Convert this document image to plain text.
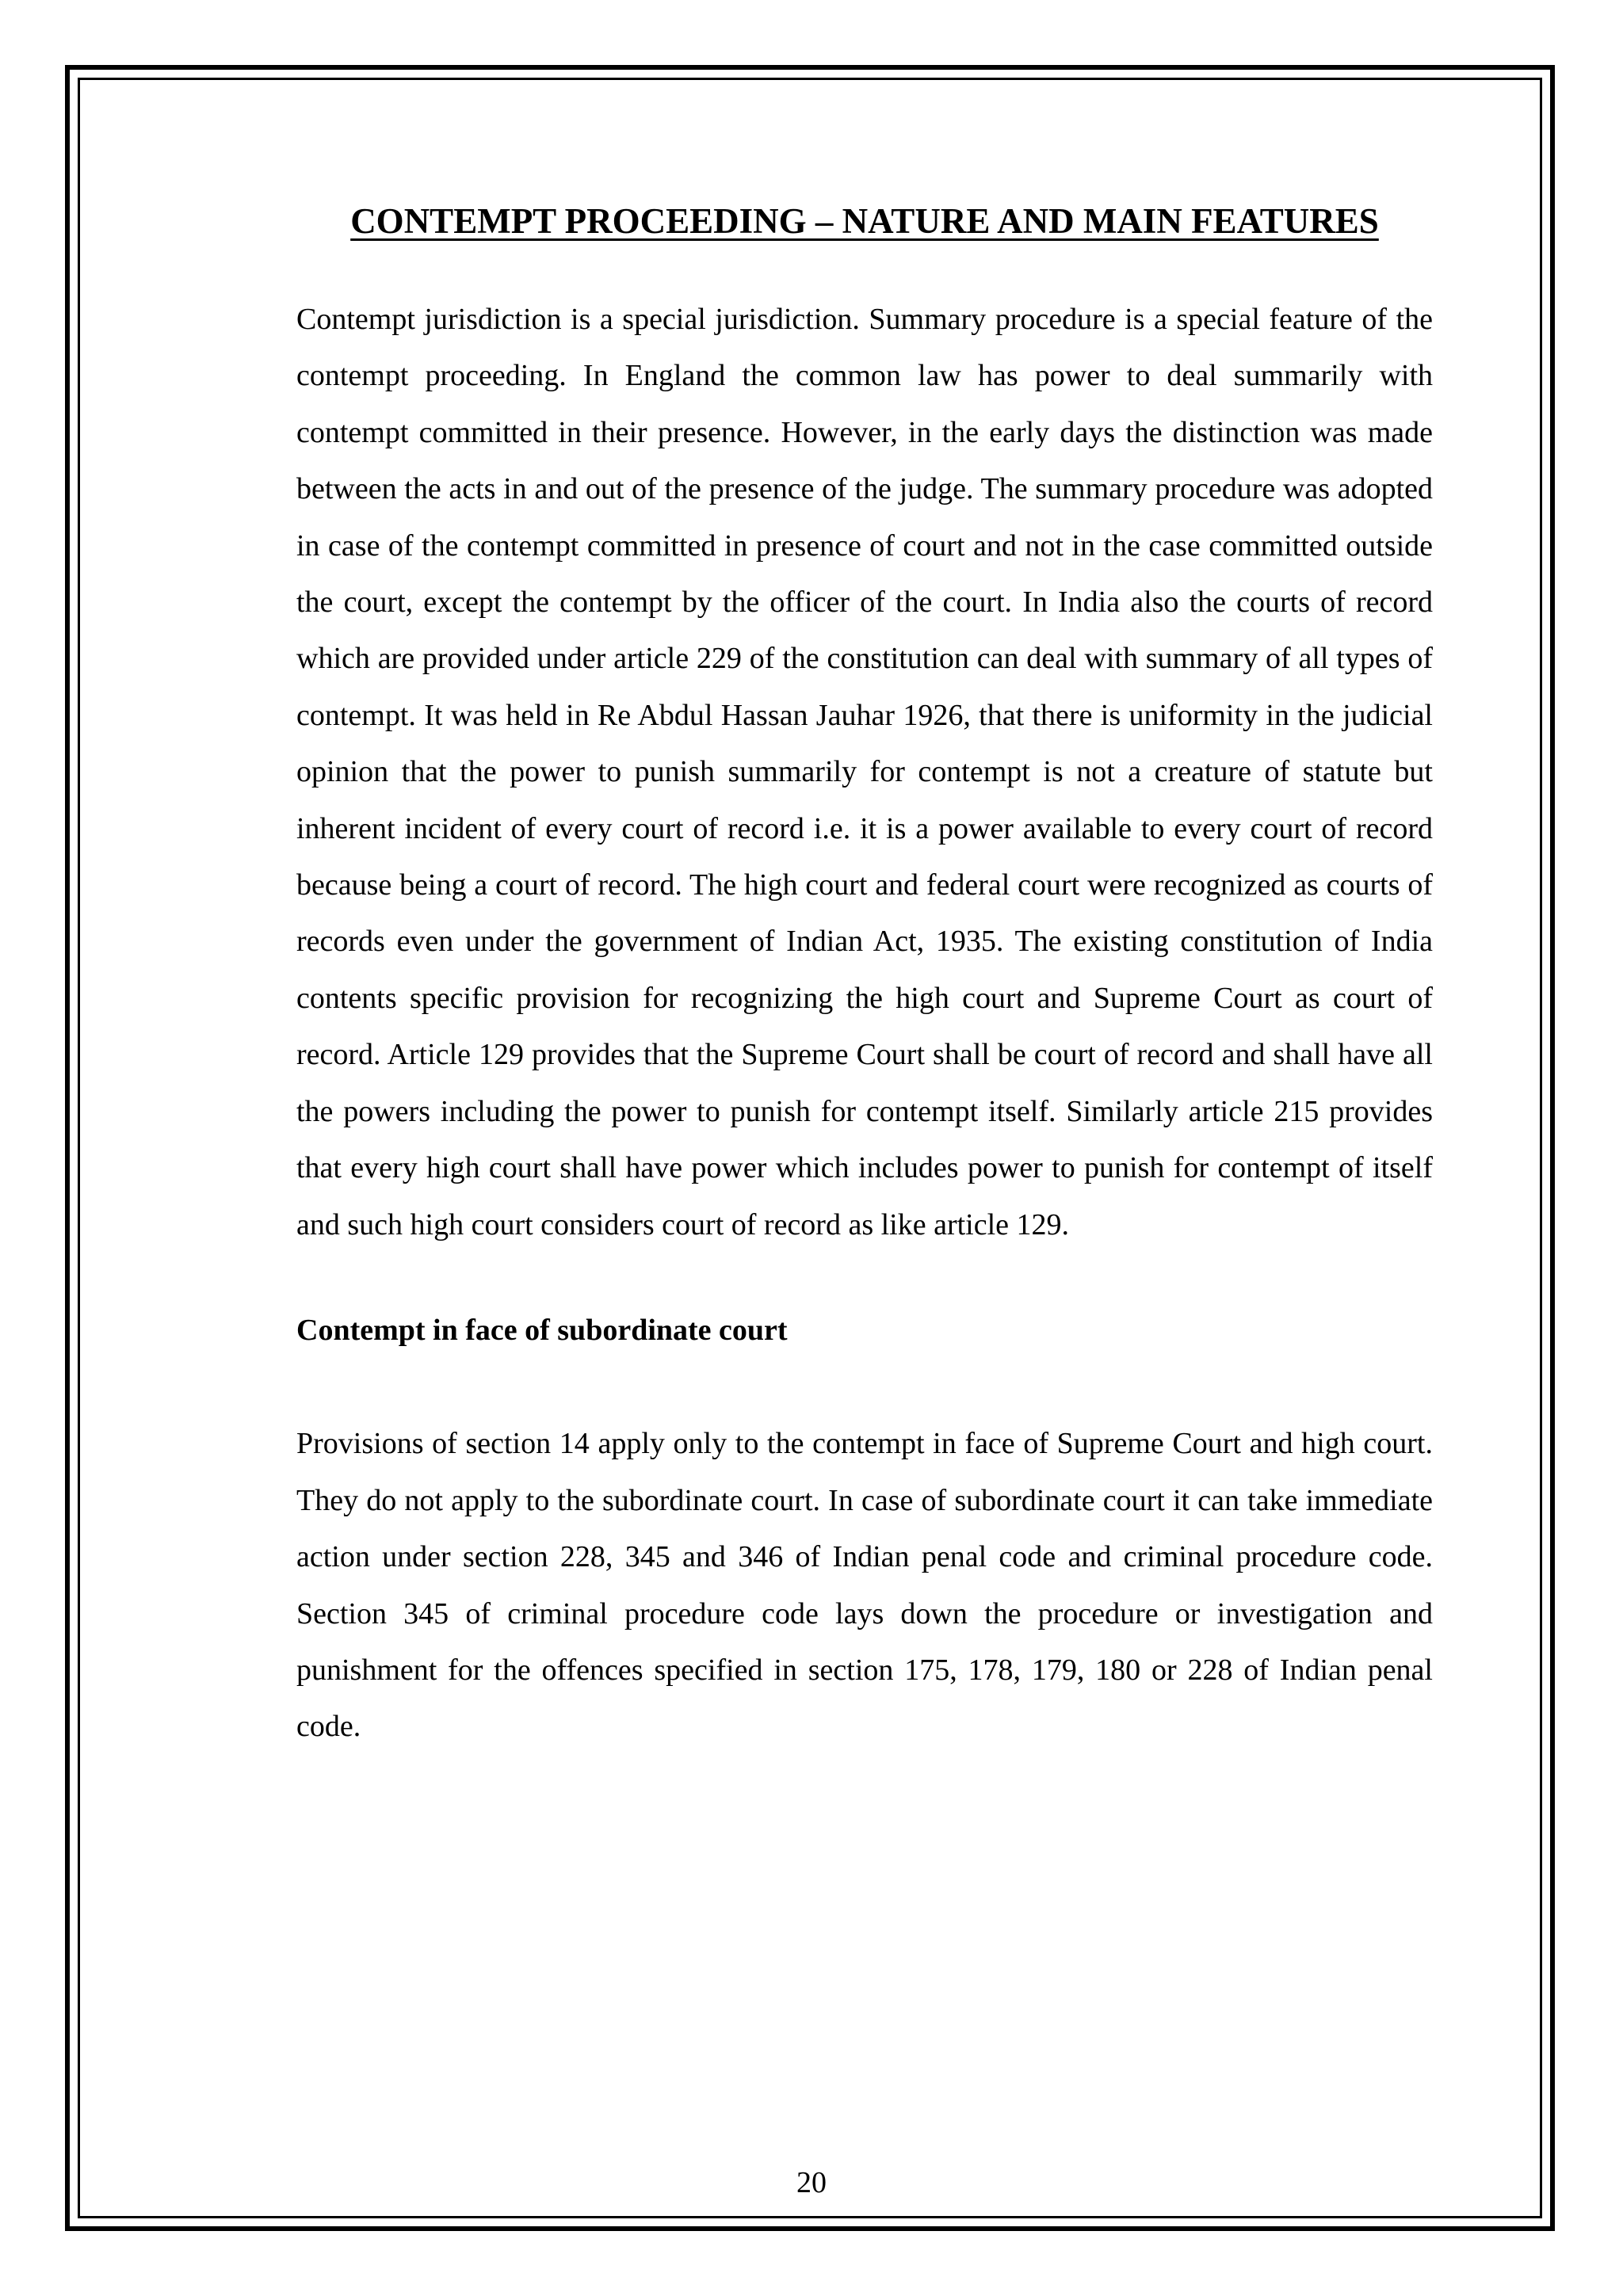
CONTEMPT PROCEEDING – NATURE AND MAIN FEATURES

Contempt jurisdiction is a special jurisdiction. Summary procedure is a special feature of the contempt proceeding. In England the common law has power to deal summarily with contempt committed in their presence. However, in the early days the distinction was made between the acts in and out of the presence of the judge. The summary procedure was adopted in case of the contempt committed in presence of court and not in the case committed outside the court, except the contempt by the officer of the court. In India also the courts of record which are provided under article 229 of the constitution can deal with summary of all types of contempt. It was held in Re Abdul Hassan Jauhar 1926, that there is uniformity in the judicial opinion that the power to punish summarily for contempt is not a creature of statute but inherent incident of every court of record i.e. it is a power available to every court of record because being a court of record. The high court and federal court were recognized as courts of records even under the government of Indian Act, 1935. The existing constitution of India contents specific provision for recognizing the high court and Supreme Court as court of record. Article 129 provides that the Supreme Court shall be court of record and shall have all the powers including the power to punish for contempt itself. Similarly article 215 provides that every high court shall have power which includes power to punish for contempt of itself and such high court considers court of record as like article 129.

Contempt in face of subordinate court

Provisions of section 14 apply only to the contempt in face of Supreme Court and high court. They do not apply to the subordinate court. In case of subordinate court it can take immediate action under section 228, 345 and 346 of Indian penal code and criminal procedure code. Section 345 of criminal procedure code lays down the procedure or investigation and punishment for the offences specified in section 175, 178, 179, 180 or 228 of Indian penal code.

20
